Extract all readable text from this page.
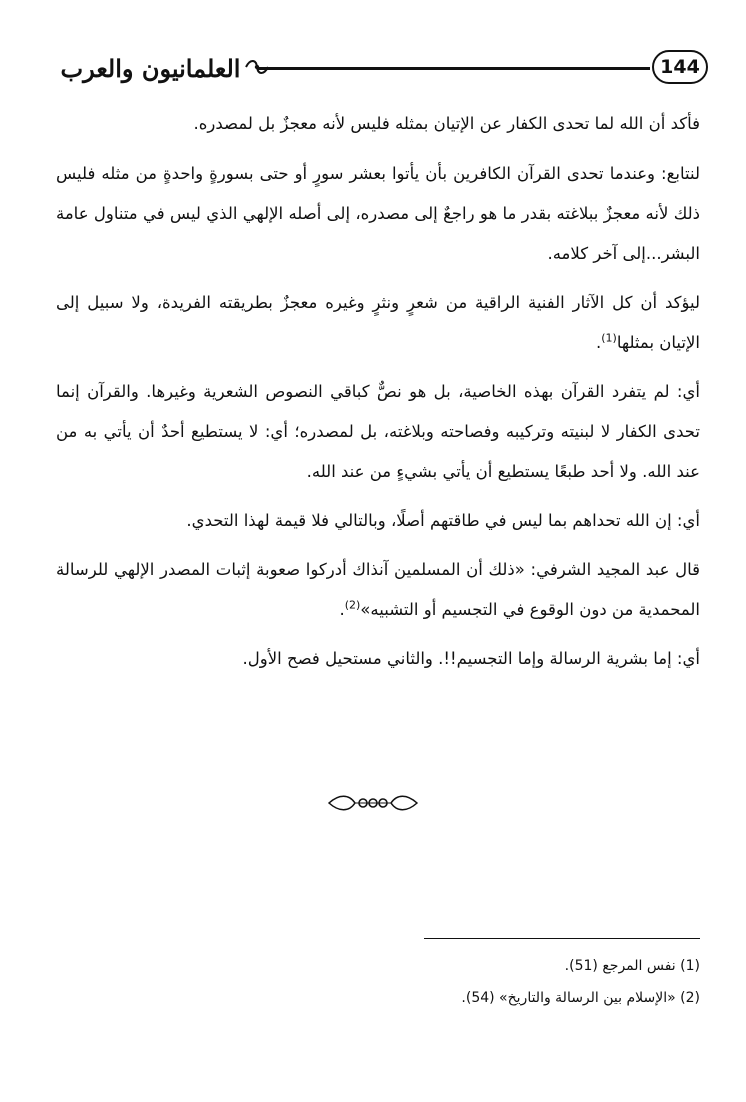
العلمانيون والعرب	144

فأكد أن الله لما تحدى الكفار عن الإتيان بمثله فليس لأنه معجزٌ بل لمصدره.

لنتابع: وعندما تحدى القرآن الكافرين بأن يأتوا بعشر سورٍ أو حتى بسورةٍ واحدةٍ من مثله فليس ذلك لأنه معجزٌ ببلاغته بقدر ما هو راجعٌ إلى مصدره، إلى أصله الإلهي الذي ليس في متناول عامة البشر...إلى آخر كلامه.

ليؤكد أن كل الآثار الفنية الراقية من شعرٍ ونثرٍ وغيره معجزٌ بطريقته الفريدة، ولا سبيل إلى الإتيان بمثلها$^{(1)}$.

أي: لم يتفرد القرآن بهذه الخاصية، بل هو نصٌّ كباقي النصوص الشعرية وغيرها. والقرآن إنما تحدى الكفار لا لبنيته وتركيبه وفصاحته وبلاغته، بل لمصدره؛ أي: لا يستطيع أحدٌ أن يأتي به من عند الله. ولا أحد طبعًا يستطيع أن يأتي بشيءٍ من عند الله.

أي: إن الله تحداهم بما ليس في طاقتهم أصلًا، وبالتالي فلا قيمة لهذا التحدي.

قال عبد المجيد الشرفي: «ذلك أن المسلمين آنذاك أدركوا صعوبة إثبات المصدر الإلهي للرسالة المحمدية من دون الوقوع في التجسيم أو التشبيه»$^{(2)}$.

أي: إما بشرية الرسالة وإما التجسيم!!. والثاني مستحيل فصح الأول.

(1) نفس المرجع (51).
(2) «الإسلام بين الرسالة والتاريخ» (54).
